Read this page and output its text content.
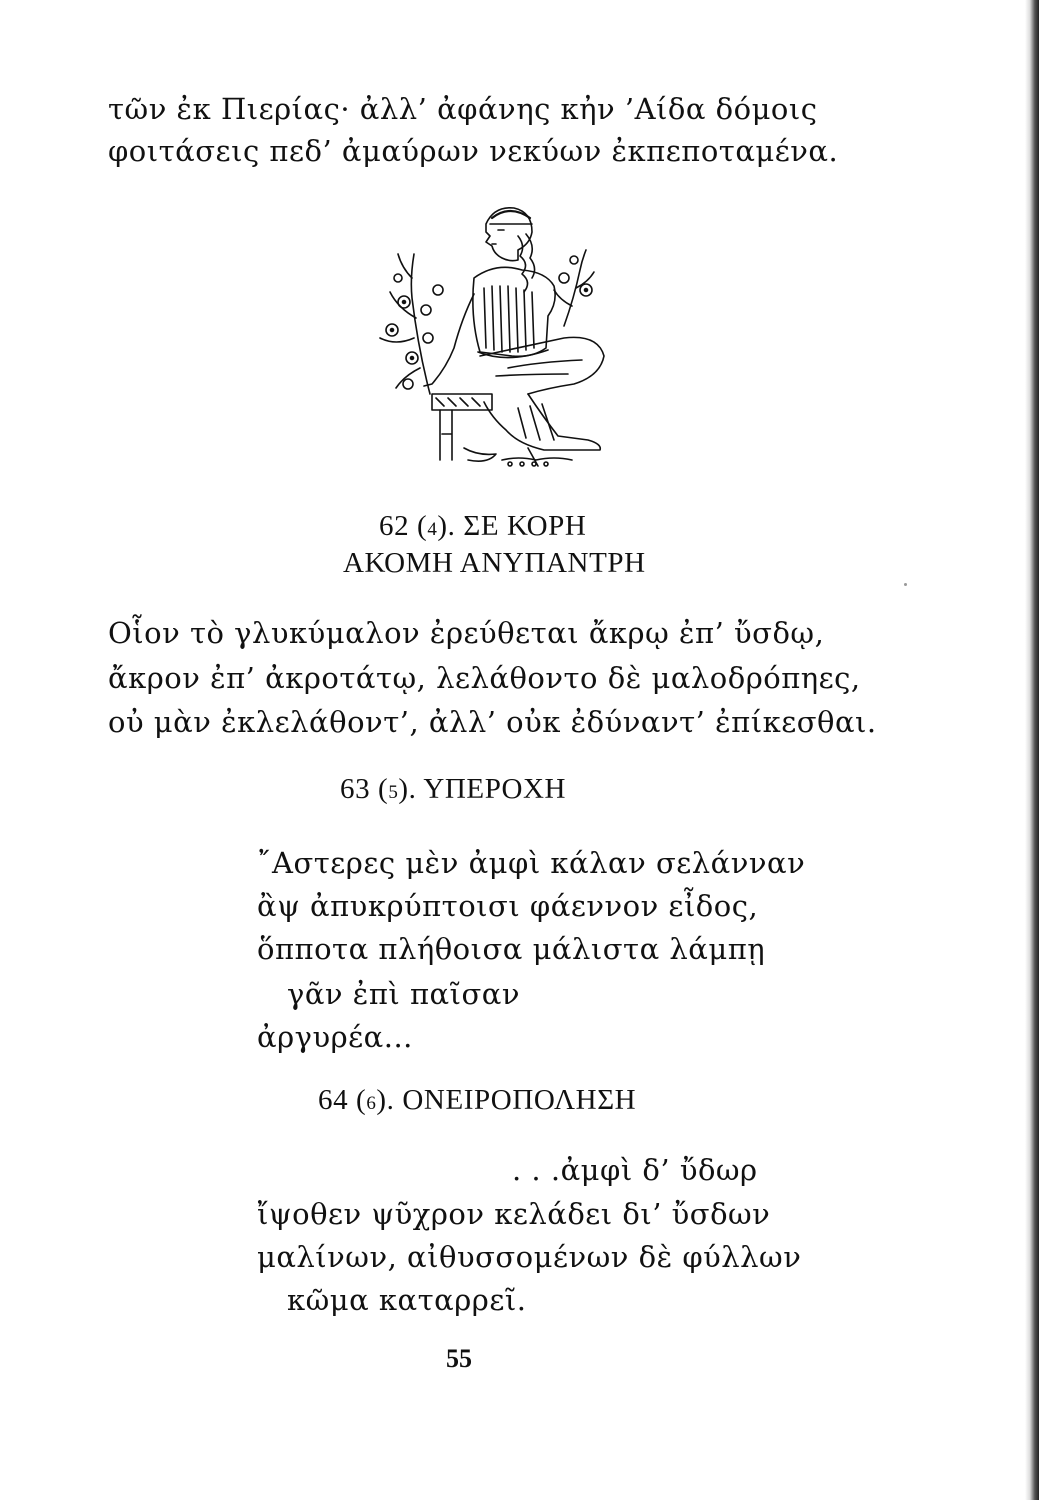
τῶν ἐκ Πιερίας· ἀλλ’ ἀφάνης κἠν ’Αίδα δόμοις
φοιτάσεις πεδ’ ἀμαύρων νεκύων ἐκπεποταμένα.
62 (4). ΣΕ ΚΟΡΗ
ΑΚΟΜΗ ΑΝΥΠΑΝΤΡΗ
Οἷον τὸ γλυκύμαλον ἐρεύθεται ἄκρῳ ἐπ’ ὔσδῳ,
ἄκρον ἐπ’ ἀκροτάτῳ, λελάθοντο δὲ μαλοδρόπηες,
οὐ μὰν ἐκλελάθοντ’, ἀλλ’ οὐκ ἐδύναντ’ ἐπίκεσθαι.
63 (5). ΥΠΕΡΟΧΗ
῎Αστερες μὲν ἀμφὶ κάλαν σελάνναν
ἂψ ἀπυκρύπτοισι φάεννον εἶδος,
ὅπποτα πλήθοισα μάλιστα λάμπῃ
γᾶν ἐπὶ παῖσαν
ἀργυρέα...
64 (6). ΟΝΕΙΡΟΠΟΛΗΣΗ
. . .ἀμφὶ δ’ ὔδωρ
ἴψοθεν ψῦχρον κελάδει δι’ ὔσδων
μαλίνων, αἰθυσσομένων δὲ φύλλων
κῶμα καταρρεῖ.
55
